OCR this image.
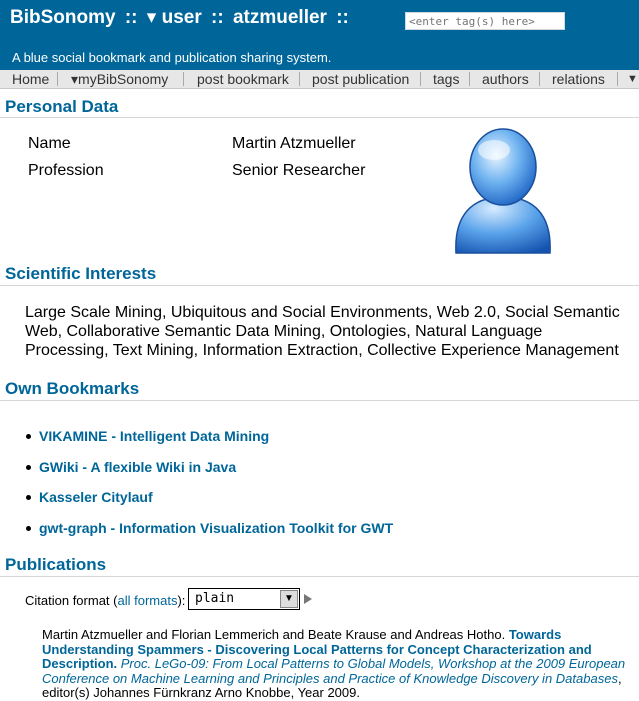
BibSonomy :: ▾ user :: atzmueller ::
<enter tag(s) here>
A blue social bookmark and publication sharing system.
Home ▾myBibSonomy post bookmark post publication tags authors relations ▼
Personal Data
Name	Martin Atzmueller
Profession	Senior Researcher
Scientific Interests
Large Scale Mining, Ubiquitous and Social Environments, Web 2.0, Social Semantic Web, Collaborative Semantic Data Mining, Ontologies, Natural Language Processing, Text Mining, Information Extraction, Collective Experience Management
Own Bookmarks
VIKAMINE - Intelligent Data Mining
GWiki - A flexible Wiki in Java
Kasseler Citylauf
gwt-graph - Information Visualization Toolkit for GWT
Publications
Citation format (all formats): plain	▼
Martin Atzmueller and Florian Lemmerich and Beate Krause and Andreas Hotho. Towards Understanding Spammers - Discovering Local Patterns for Concept Characterization and Description. Proc. LeGo-09: From Local Patterns to Global Models, Workshop at the 2009 European Conference on Machine Learning and Principles and Practice of Knowledge Discovery in Databases, editor(s) Johannes Fürnkranz Arno Knobbe, Year 2009.
